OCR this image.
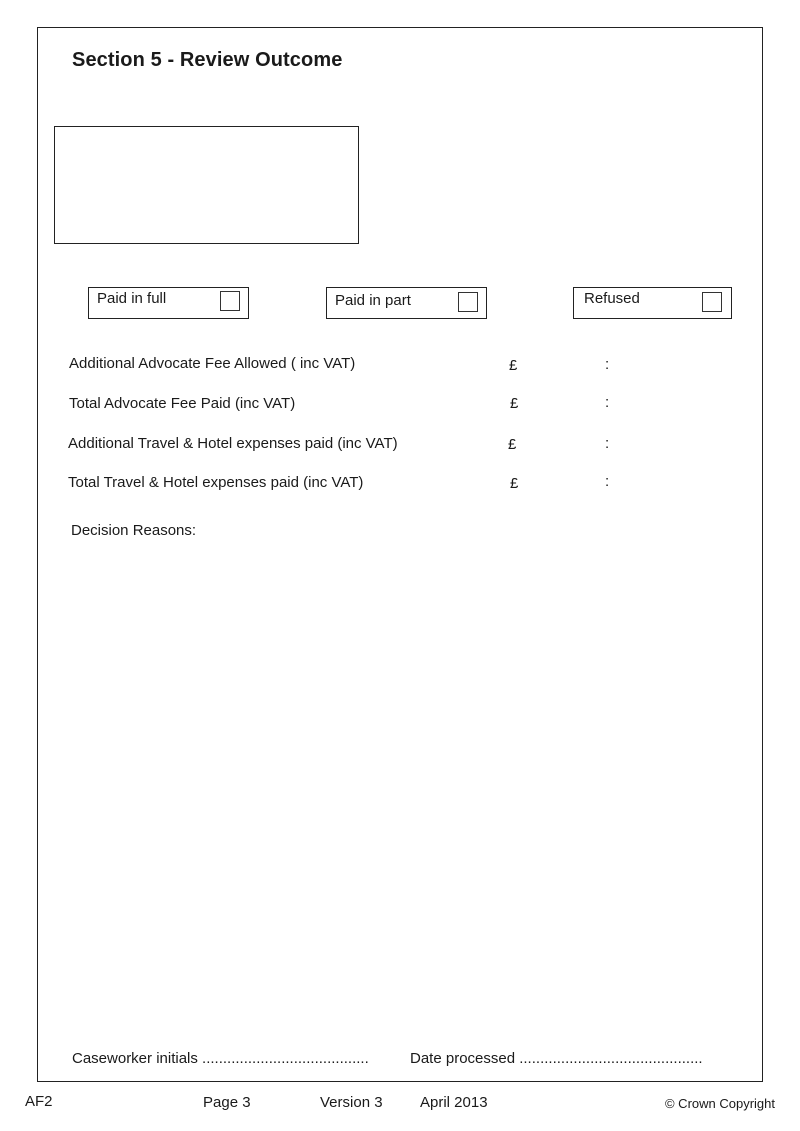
Section 5 - Review Outcome
Paid in full	Paid in part	Refused
Additional Advocate Fee Allowed ( inc VAT)	£	:
Total Advocate Fee Paid (inc VAT)	£	:
Additional Travel & Hotel expenses paid (inc VAT)	£	:
Total Travel & Hotel expenses paid (inc VAT)	£	:
Decision Reasons:
Caseworker initials ........................................	Date processed ............................................
AF2	Page 3	Version 3 April 2013	© Crown Copyright
